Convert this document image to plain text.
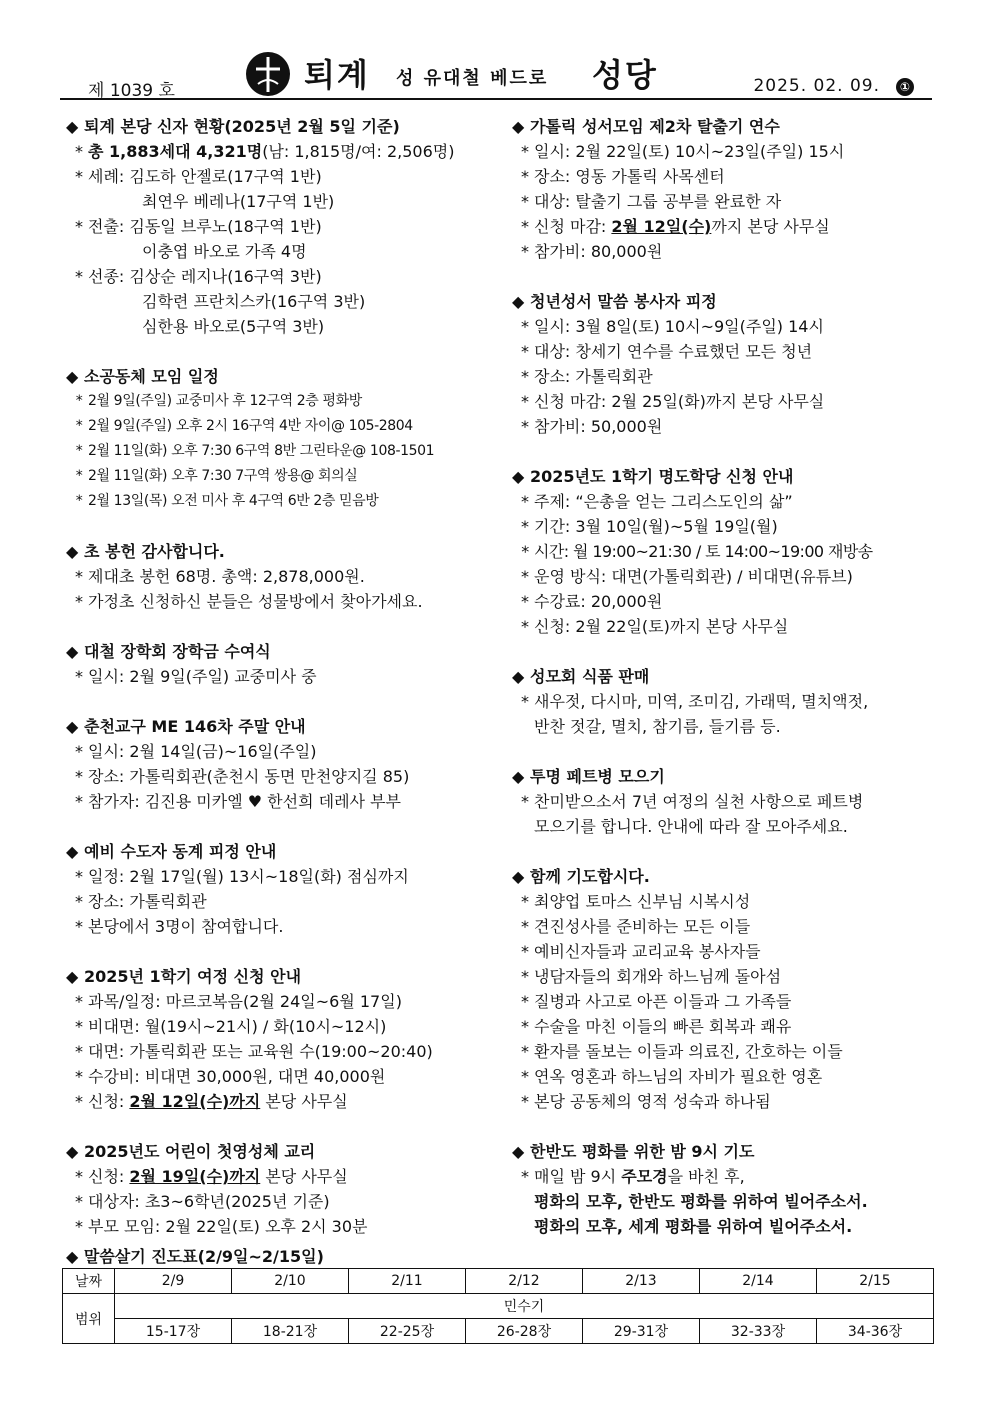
제 1039 호	퇴계 성 유대철 베드로 성당	2025. 02. 09.	①
◆ 퇴계 본당 신자 현황(2025년 2월 5일 기준)
* 총 1,883세대 4,321명(남: 1,815명/여: 2,506명)
* 세례: 김도하 안젤로(17구역 1반)
최연우 베레나(17구역 1반)
* 전출: 김동일 브루노(18구역 1반)
이충엽 바오로 가족 4명
* 선종: 김상순 레지나(16구역 3반)
김학련 프란치스카(16구역 3반)
심한용 바오로(5구역 3반)
◆ 소공동체 모임 일정
* 2월 9일(주일) 교중미사 후 12구역 2층 평화방
* 2월 9일(주일) 오후 2시 16구역 4반 자이@ 105-2804
* 2월 11일(화) 오후 7:30 6구역 8반 그린타운@ 108-1501
* 2월 11일(화) 오후 7:30 7구역 쌍용@ 회의실
* 2월 13일(목) 오전 미사 후 4구역 6반 2층 믿음방
◆ 초 봉헌 감사합니다.
* 제대초 봉헌 68명. 총액: 2,878,000원.
* 가정초 신청하신 분들은 성물방에서 찾아가세요.
◆ 대철 장학회 장학금 수여식
* 일시: 2월 9일(주일) 교중미사 중
◆ 춘천교구 ME 146차 주말 안내
* 일시: 2월 14일(금)~16일(주일)
* 장소: 가톨릭회관(춘천시 동면 만천양지길 85)
* 참가자: 김진용 미카엘 ♥ 한선희 데레사 부부
◆ 예비 수도자 동계 피정 안내
* 일정: 2월 17일(월) 13시~18일(화) 점심까지
* 장소: 가톨릭회관
* 본당에서 3명이 참여합니다.
◆ 2025년 1학기 여정 신청 안내
* 과목/일정: 마르코복음(2월 24일~6월 17일)
* 비대면: 월(19시~21시) / 화(10시~12시)
* 대면: 가톨릭회관 또는 교육원 수(19:00~20:40)
* 수강비: 비대면 30,000원, 대면 40,000원
* 신청: 2월 12일(수)까지 본당 사무실
◆ 2025년도 어린이 첫영성체 교리
* 신청: 2월 19일(수)까지 본당 사무실
* 대상자: 초3~6학년(2025년 기준)
* 부모 모임: 2월 22일(토) 오후 2시 30분
◆ 가톨릭 성서모임 제2차 탈출기 연수
* 일시: 2월 22일(토) 10시~23일(주일) 15시
* 장소: 영동 가톨릭 사목센터
* 대상: 탈출기 그룹 공부를 완료한 자
* 신청 마감: 2월 12일(수)까지 본당 사무실
* 참가비: 80,000원
◆ 청년성서 말씀 봉사자 피정
* 일시: 3월 8일(토) 10시~9일(주일) 14시
* 대상: 창세기 연수를 수료했던 모든 청년
* 장소: 가톨릭회관
* 신청 마감: 2월 25일(화)까지 본당 사무실
* 참가비: 50,000원
◆ 2025년도 1학기 명도학당 신청 안내
* 주제: “은총을 얻는 그리스도인의 삶”
* 기간: 3월 10일(월)~5월 19일(월)
* 시간: 월 19:00~21:30 / 토 14:00~19:00 재방송
* 운영 방식: 대면(가톨릭회관) / 비대면(유튜브)
* 수강료: 20,000원
* 신청: 2월 22일(토)까지 본당 사무실
◆ 성모회 식품 판매
* 새우젓, 다시마, 미역, 조미김, 가래떡, 멸치액젓,
반찬 젓갈, 멸치, 참기름, 들기름 등.
◆ 투명 페트병 모으기
* 찬미받으소서 7년 여정의 실천 사항으로 페트병
모으기를 합니다. 안내에 따라 잘 모아주세요.
◆ 함께 기도합시다.
* 최양업 토마스 신부님 시복시성
* 견진성사를 준비하는 모든 이들
* 예비신자들과 교리교육 봉사자들
* 냉담자들의 회개와 하느님께 돌아섬
* 질병과 사고로 아픈 이들과 그 가족들
* 수술을 마친 이들의 빠른 회복과 쾌유
* 환자를 돌보는 이들과 의료진, 간호하는 이들
* 연옥 영혼과 하느님의 자비가 필요한 영혼
* 본당 공동체의 영적 성숙과 하나됨
◆ 한반도 평화를 위한 밤 9시 기도
* 매일 밤 9시 주모경을 바친 후,
평화의 모후, 한반도 평화를 위하여 빌어주소서.
평화의 모후, 세계 평화를 위하여 빌어주소서.
◆ 말씀살기 진도표(2/9일~2/15일)
날짜	2/9	2/10	2/11	2/12	2/13	2/14	2/15
범위	민수기						
	15-17장	18-21장	22-25장	26-28장	29-31장	32-33장	34-36장
